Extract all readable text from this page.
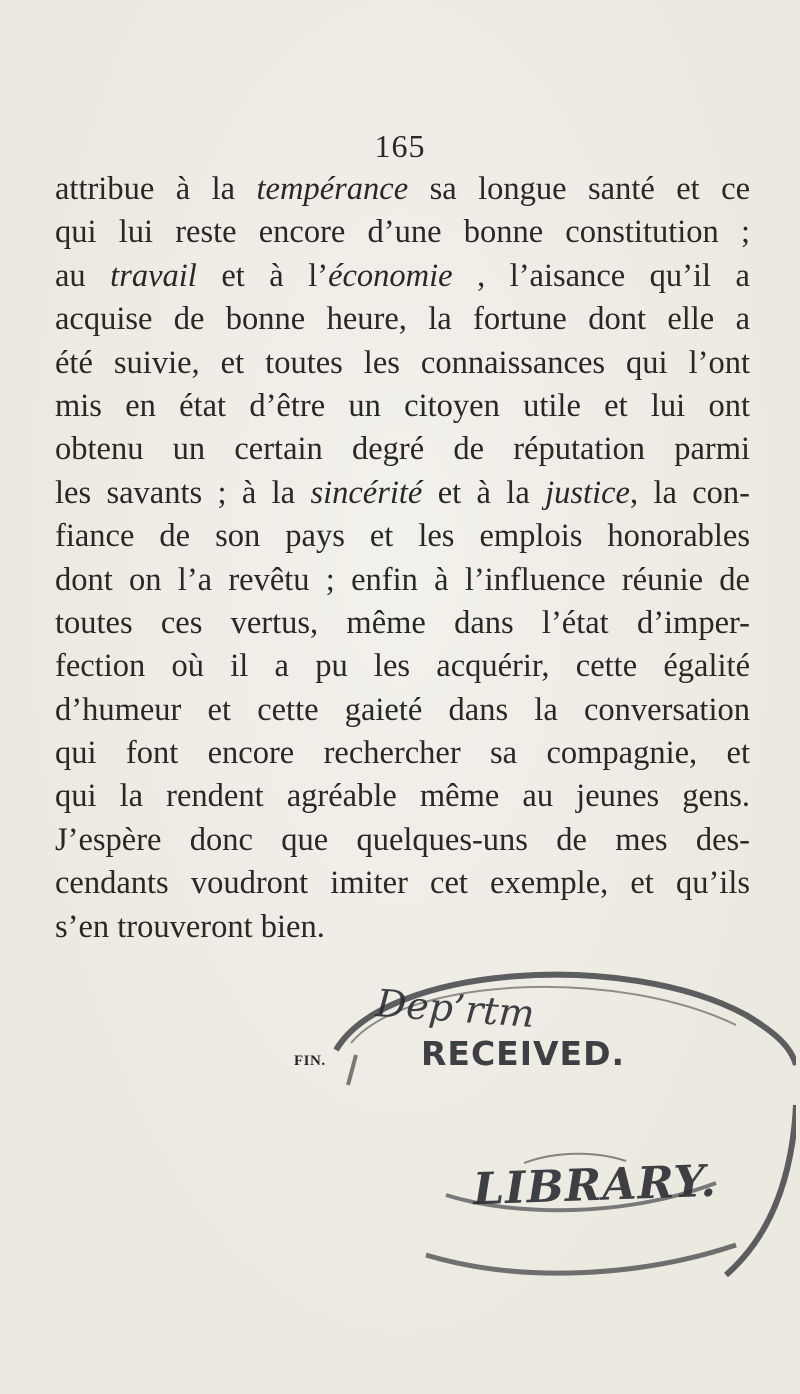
165
attribue à la tempérance sa longue santé et ce
qui lui reste encore d’une bonne constitution ;
au travail et à l’économie , l’aisance qu’il a
acquise de bonne heure, la fortune dont elle a
été suivie, et toutes les connaissances qui l’ont
mis en état d’être un citoyen utile et lui ont
obtenu un certain degré de réputation parmi
les savants ; à la sincérité et à la justice, la con-
fiance de son pays et les emplois honorables
dont on l’a revêtu ; enfin à l’influence réunie de
toutes ces vertus, même dans l’état d’imper-
fection où il a pu les acquérir, cette égalité
d’humeur et cette gaieté dans la conversation
qui font encore rechercher sa compagnie, et
qui la rendent agréable même au jeunes gens.
J’espère donc que quelques-uns de mes des-
cendants voudront imiter cet exemple, et qu’ils
s’en trouveront bien.
FIN.
Dep’rtm
RECEIVED.
LIBRARY.
